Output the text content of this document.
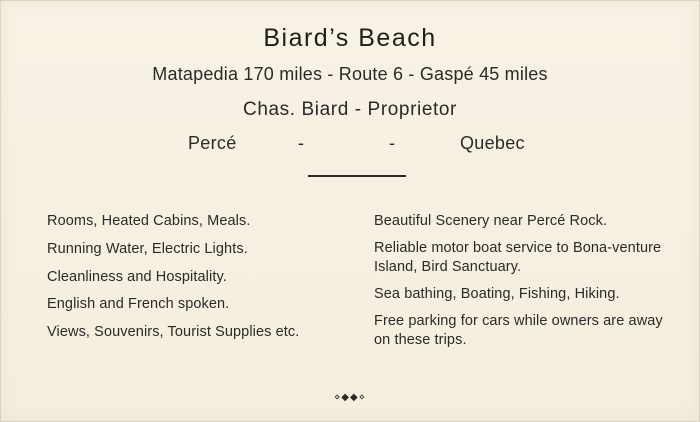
Biard’s Beach
Matapedia 170 miles - Route 6 - Gaspé 45 miles
Chas. Biard - Proprietor
Percé	-	-	Quebec
Rooms, Heated Cabins, Meals.
Running Water, Electric Lights.
Cleanliness and Hospitality.
English and French spoken.
Views, Souvenirs, Tourist Supplies etc.
Beautiful Scenery near Percé Rock.
Reliable motor boat service to Bona-venture Island, Bird Sanctuary.
Sea bathing, Boating, Fishing, Hiking.
Free parking for cars while owners are away on these trips.
⋄◆◆⋄
